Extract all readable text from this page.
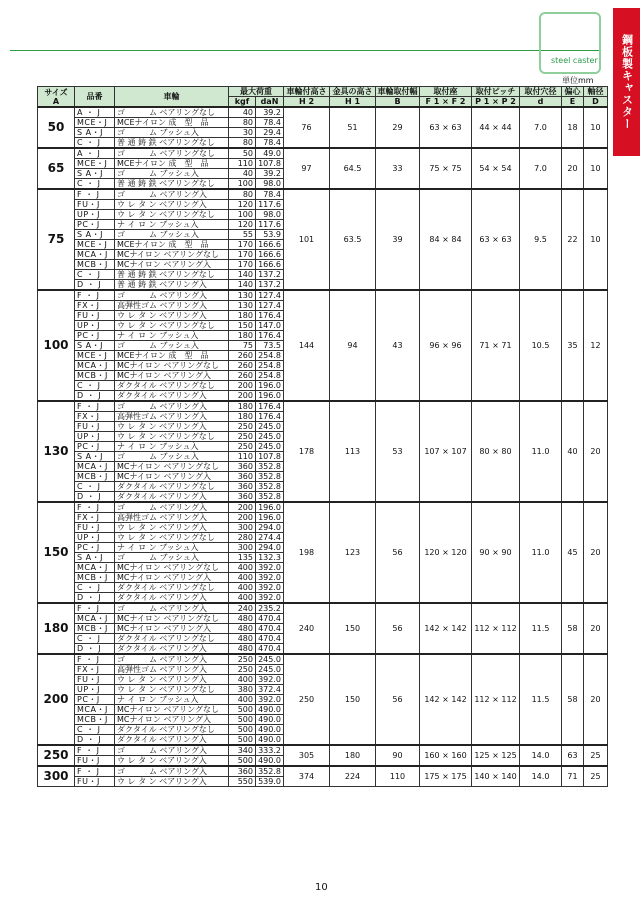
steel caster	鋼板製キャスター
単位mm
サイズ
A	品番	車輪	最大荷重		車輪付高さ	金具の高さ	車輪取付幅	取付座	取付ピッチ	取付穴径	偏心	軸径
			kgf	daN	H 2	H 1	B	F 1 × F 2	P 1 × P 2	d	E	D
50	A ・ J	ゴ　　　ム ベアリングなし	40	39.2	76	51	29	63 × 63	44 × 44	7.0	18	10
	MCE・J	MCEナイロン 成　型　品	80	78.4								
	S A・J	ゴ　　　ム ブッシュ入	30	29.4								
	C ・ J	普 通 鋳 鉄 ベアリングなし	80	78.4								
65	A ・ J	ゴ　　　ム ベアリングなし	50	49.0	97	64.5	33	75 × 75	54 × 54	7.0	20	10
	MCE・J	MCEナイロン 成　型　品	110	107.8								
	S A・J	ゴ　　　ム ブッシュ入	40	39.2								
	C ・ J	普 通 鋳 鉄 ベアリングなし	100	98.0								
75	F ・ J	ゴ　　　ム ベアリング入	80	78.4	101	63.5	39	84 × 84	63 × 63	9.5	22	10
	FU・J	ウ レ タ ン ベアリング入	120	117.6								
	UP・J	ウ レ タ ン ベアリングなし	100	98.0								
	PC・J	ナ イ ロ ン ブッシュ入	120	117.6								
	S A・J	ゴ　　　ム ブッシュ入	55	53.9								
	MCE・J	MCEナイロン 成　型　品	170	166.6								
	MCA・J	MCナイロン ベアリングなし	170	166.6								
	MCB・J	MCナイロン ベアリング入	170	166.6								
	C ・ J	普 通 鋳 鉄 ベアリングなし	140	137.2								
	D ・ J	普 通 鋳 鉄 ベアリング入	140	137.2								
100	F ・ J	ゴ　　　ム ベアリング入	130	127.4	144	94	43	96 × 96	71 × 71	10.5	35	12
	FX・J	高弾性ゴム ベアリング入	130	127.4								
	FU・J	ウ レ タ ン ベアリング入	180	176.4								
	UP・J	ウ レ タ ン ベアリングなし	150	147.0								
	PC・J	ナ イ ロ ン ブッシュ入	180	176.4								
	S A・J	ゴ　　　ム ブッシュ入	75	73.5								
	MCE・J	MCEナイロン 成　型　品	260	254.8								
	MCA・J	MCナイロン ベアリングなし	260	254.8								
	MCB・J	MCナイロン ベアリング入	260	254.8								
	C ・ J	ダクタイル ベアリングなし	200	196.0								
	D ・ J	ダクタイル ベアリング入	200	196.0								
130	F ・ J	ゴ　　　ム ベアリング入	180	176.4	178	113	53	107 × 107	80 × 80	11.0	40	20
	FX・J	高弾性ゴム ベアリング入	180	176.4								
	FU・J	ウ レ タ ン ベアリング入	250	245.0								
	UP・J	ウ レ タ ン ベアリングなし	250	245.0								
	PC・J	ナ イ ロ ン ブッシュ入	250	245.0								
	S A・J	ゴ　　　ム ブッシュ入	110	107.8								
	MCA・J	MCナイロン ベアリングなし	360	352.8								
	MCB・J	MCナイロン ベアリング入	360	352.8								
	C ・ J	ダクタイル ベアリングなし	360	352.8								
	D ・ J	ダクタイル ベアリング入	360	352.8								
150	F ・ J	ゴ　　　ム ベアリング入	200	196.0	198	123	56	120 × 120	90 × 90	11.0	45	20
	FX・J	高弾性ゴム ベアリング入	200	196.0								
	FU・J	ウ レ タ ン ベアリング入	300	294.0								
	UP・J	ウ レ タ ン ベアリングなし	280	274.4								
	PC・J	ナ イ ロ ン ブッシュ入	300	294.0								
	S A・J	ゴ　　　ム ブッシュ入	135	132.3								
	MCA・J	MCナイロン ベアリングなし	400	392.0								
	MCB・J	MCナイロン ベアリング入	400	392.0								
	C ・ J	ダクタイル ベアリングなし	400	392.0								
	D ・ J	ダクタイル ベアリング入	400	392.0								
180	F ・ J	ゴ　　　ム ベアリング入	240	235.2	240	150	56	142 × 142	112 × 112	11.5	58	20
	MCA・J	MCナイロン ベアリングなし	480	470.4								
	MCB・J	MCナイロン ベアリング入	480	470.4								
	C ・ J	ダクタイル ベアリングなし	480	470.4								
	D ・ J	ダクタイル ベアリング入	480	470.4								
200	F ・ J	ゴ　　　ム ベアリング入	250	245.0	250	150	56	142 × 142	112 × 112	11.5	58	20
	FX・J	高弾性ゴム ベアリング入	250	245.0								
	FU・J	ウ レ タ ン ベアリング入	400	392.0								
	UP・J	ウ レ タ ン ベアリングなし	380	372.4								
	PC・J	ナ イ ロ ン ブッシュ入	400	392.0								
	MCA・J	MCナイロン ベアリングなし	500	490.0								
	MCB・J	MCナイロン ベアリング入	500	490.0								
	C ・ J	ダクタイル ベアリングなし	500	490.0								
	D ・ J	ダクタイル ベアリング入	500	490.0								
250	F ・ J	ゴ　　　ム ベアリング入	340	333.2	305	180	90	160 × 160	125 × 125	14.0	63	25
	FU・J	ウ レ タ ン ベアリング入	500	490.0								
300	F ・ J	ゴ　　　ム ベアリング入	360	352.8	374	224	110	175 × 175	140 × 140	14.0	71	25
	FU・J	ウ レ タ ン ベアリング入	550	539.0								
10
